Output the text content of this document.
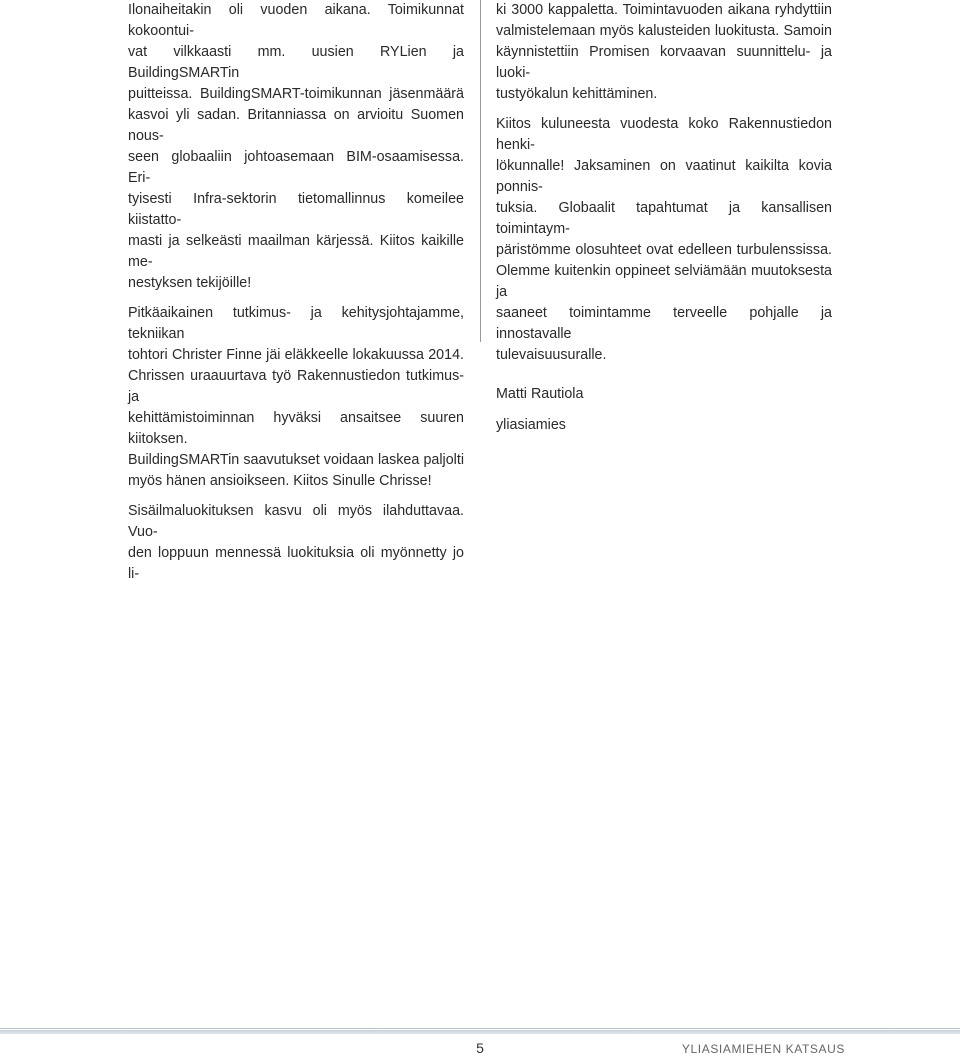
Ilonaiheitakin oli vuoden aikana. Toimikunnat kokoontui-
vat vilkkaasti mm. uusien RYLien ja BuildingSMARTin
puitteissa. BuildingSMART-toimikunnan jäsenmäärä
kasvoi yli sadan. Britanniassa on arvioitu Suomen nous-
seen globaaliin johtoasemaan BIM-osaamisessa. Eri-
tyisesti Infra-sektorin tietomallinnus komeilee kiistatto-
masti ja selkeästi maailman kärjessä. Kiitos kaikille me-
nestyksen tekijöille!

Pitkäaikainen tutkimus- ja kehitysjohtajamme, tekniikan
tohtori Christer Finne jäi eläkkeelle lokakuussa 2014.
Chrissen uraauurtava työ Rakennustiedon tutkimus- ja
kehittämistoiminnan hyväksi ansaitsee suuren kiitoksen.
BuildingSMARTin saavutukset voidaan laskea paljolti
myös hänen ansioikseen. Kiitos Sinulle Chrisse!

Sisäilmaluokituksen kasvu oli myös ilahduttavaa. Vuo-
den loppuun mennessä luokituksia oli myönnetty jo li-

ki 3000 kappaletta. Toimintavuoden aikana ryhdyttiin
valmistelemaan myös kalusteiden luokitusta. Samoin
käynnistettiin Promisen korvaavan suunnittelu- ja luoki-
tustyökalun kehittäminen.

Kiitos kuluneesta vuodesta koko Rakennustiedon henki-
lökunnalle! Jaksaminen on vaatinut kaikilta kovia ponnis-
tuksia. Globaalit tapahtumat ja kansallisen toimintaym-
päristömme olosuhteet ovat edelleen turbulenssissa.
Olemme kuitenkin oppineet selviämään muutoksesta ja
saaneet toimintamme terveelle pohjalle ja innostavalle
tulevaisuusuralle.

Matti Rautiola

yliasiamies

5	YLIASIAMIEHEN KATSAUS
